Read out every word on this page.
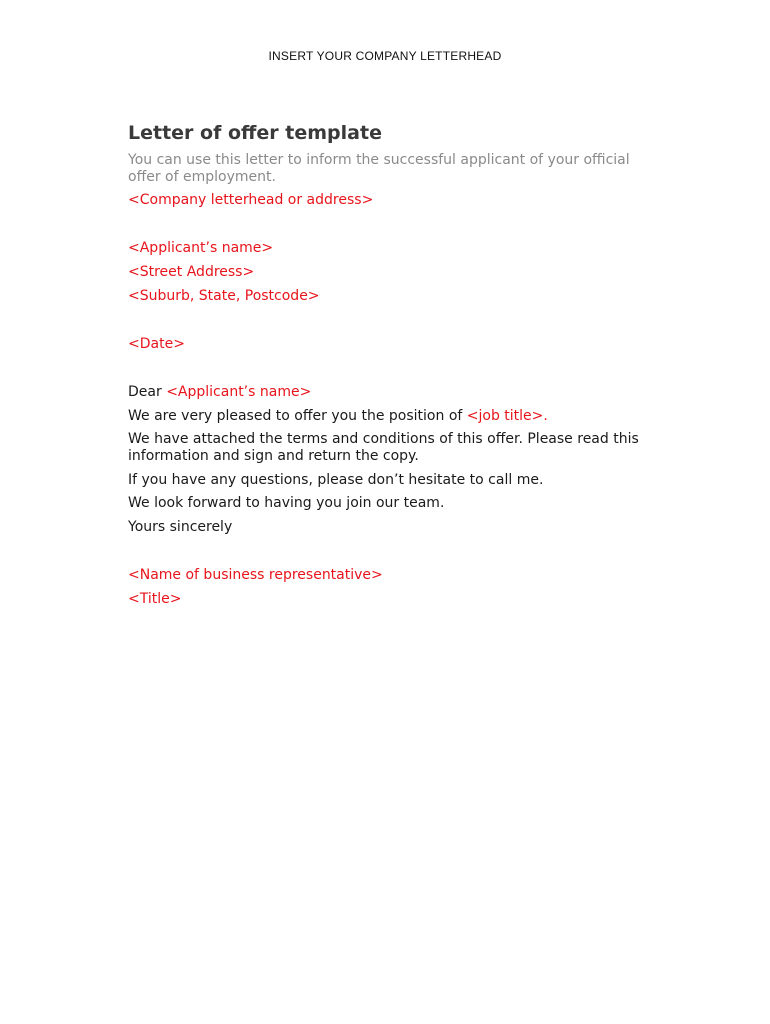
INSERT YOUR COMPANY LETTERHEAD
Letter of offer template

You can use this letter to inform the successful applicant of your official offer of employment.

<Company letterhead or address>

<Applicant’s name>

<Street Address>

<Suburb, State, Postcode>

<Date>

Dear <Applicant’s name>

We are very pleased to offer you the position of <job title>.

We have attached the terms and conditions of this offer. Please read this information and sign and return the copy.

If you have any questions, please don’t hesitate to call me.

We look forward to having you join our team.

Yours sincerely

<Name of business representative>

<Title>
